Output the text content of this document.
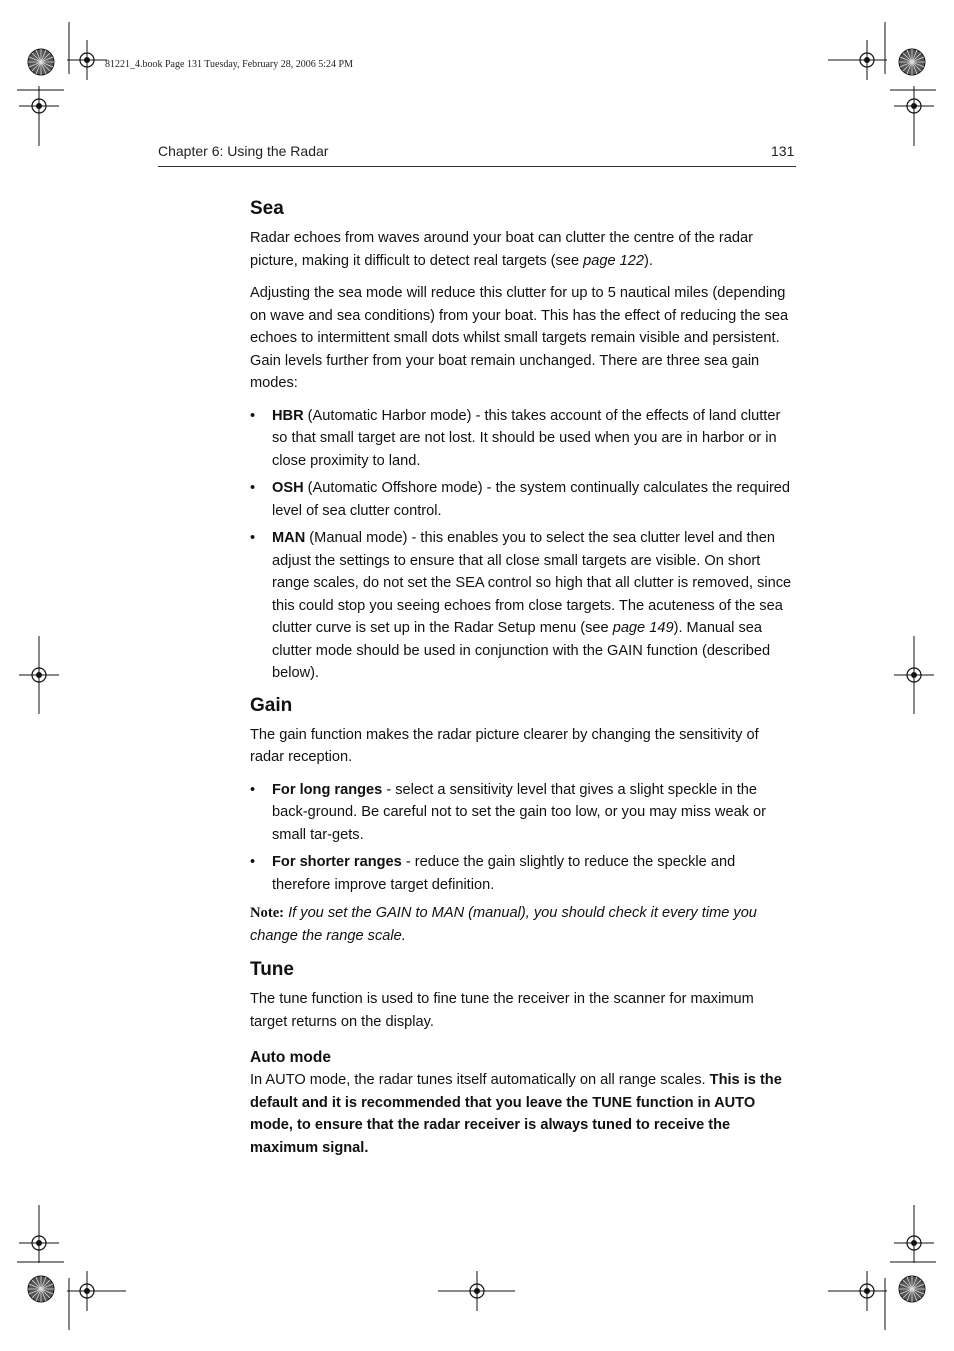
81221_4.book Page 131 Tuesday, February 28, 2006 5:24 PM
Chapter 6: Using the Radar	131
Sea

Radar echoes from waves around your boat can clutter the centre of the radar picture, making it difficult to detect real targets (see page 122).

Adjusting the sea mode will reduce this clutter for up to 5 nautical miles (depending on wave and sea conditions) from your boat. This has the effect of reducing the sea echoes to intermittent small dots whilst small targets remain visible and persistent. Gain levels further from your boat remain unchanged. There are three sea gain modes:

• HBR (Automatic Harbor mode) - this takes account of the effects of land clutter so that small target are not lost. It should be used when you are in harbor or in close proximity to land.
• OSH (Automatic Offshore mode) - the system continually calculates the required level of sea clutter control.
• MAN (Manual mode) - this enables you to select the sea clutter level and then adjust the settings to ensure that all close small targets are visible. On short range scales, do not set the SEA control so high that all clutter is removed, since this could stop you seeing echoes from close targets. The acuteness of the sea clutter curve is set up in the Radar Setup menu (see page 149). Manual sea clutter mode should be used in conjunction with the GAIN function (described below).
Gain

The gain function makes the radar picture clearer by changing the sensitivity of radar reception.

• For long ranges - select a sensitivity level that gives a slight speckle in the back-ground. Be careful not to set the gain too low, or you may miss weak or small tar-gets.
• For shorter ranges - reduce the gain slightly to reduce the speckle and therefore improve target definition.

Note: If you set the GAIN to MAN (manual), you should check it every time you change the range scale.

Tune

The tune function is used to fine tune the receiver in the scanner for maximum target returns on the display.

Auto mode

In AUTO mode, the radar tunes itself automatically on all range scales. This is the default and it is recommended that you leave the TUNE function in AUTO mode, to ensure that the radar receiver is always tuned to receive the maximum signal.
